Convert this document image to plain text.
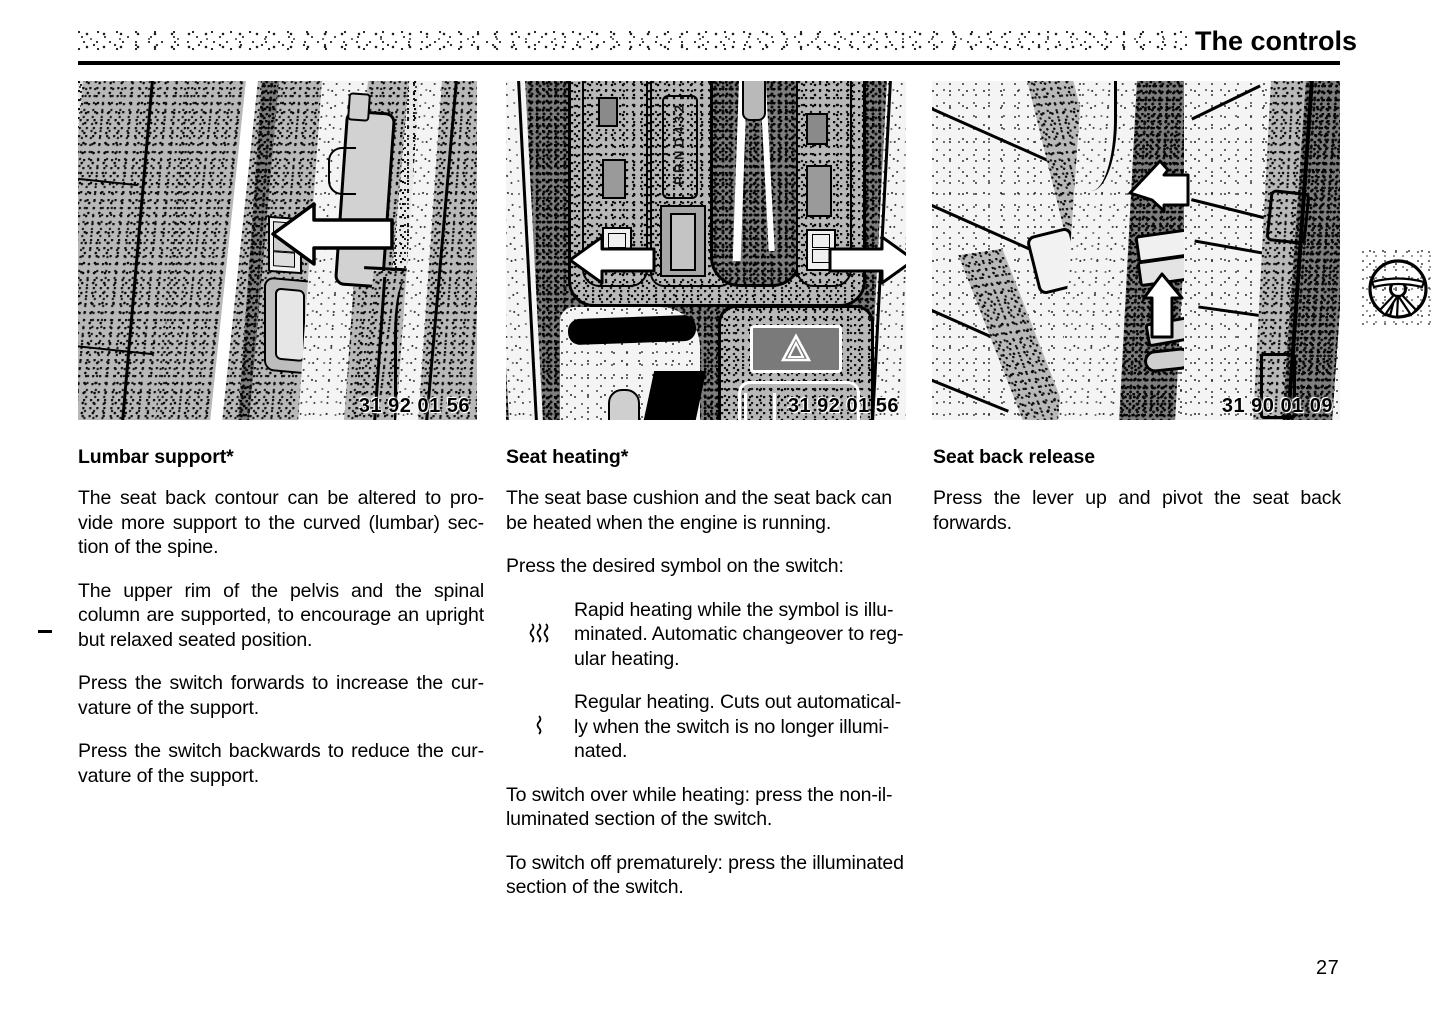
The controls
31 92 01 56
P R N D 4 3 2
31 92 01 56	31 90 01 09
Lumbar support*

The seat back contour can be altered to pro-vide more support to the curved (lumbar) sec-tion of the spine.

The upper rim of the pelvis and the spinal column are supported, to encourage an upright but relaxed seated position.

Press the switch forwards to increase the cur-vature of the support.

Press the switch backwards to reduce the cur-vature of the support.

Seat heating*

The seat base cushion and the seat back can be heated when the engine is running.

Press the desired symbol on the switch:

Rapid heating while the symbol is illu-minated. Automatic changeover to reg-ular heating.
Regular heating. Cuts out automatical-ly when the switch is no longer illumi-nated.

To switch over while heating: press the non-il-luminated section of the switch.

To switch off prematurely: press the illuminated section of the switch.

Seat back release

Press the lever up and pivot the seat back forwards.

27
